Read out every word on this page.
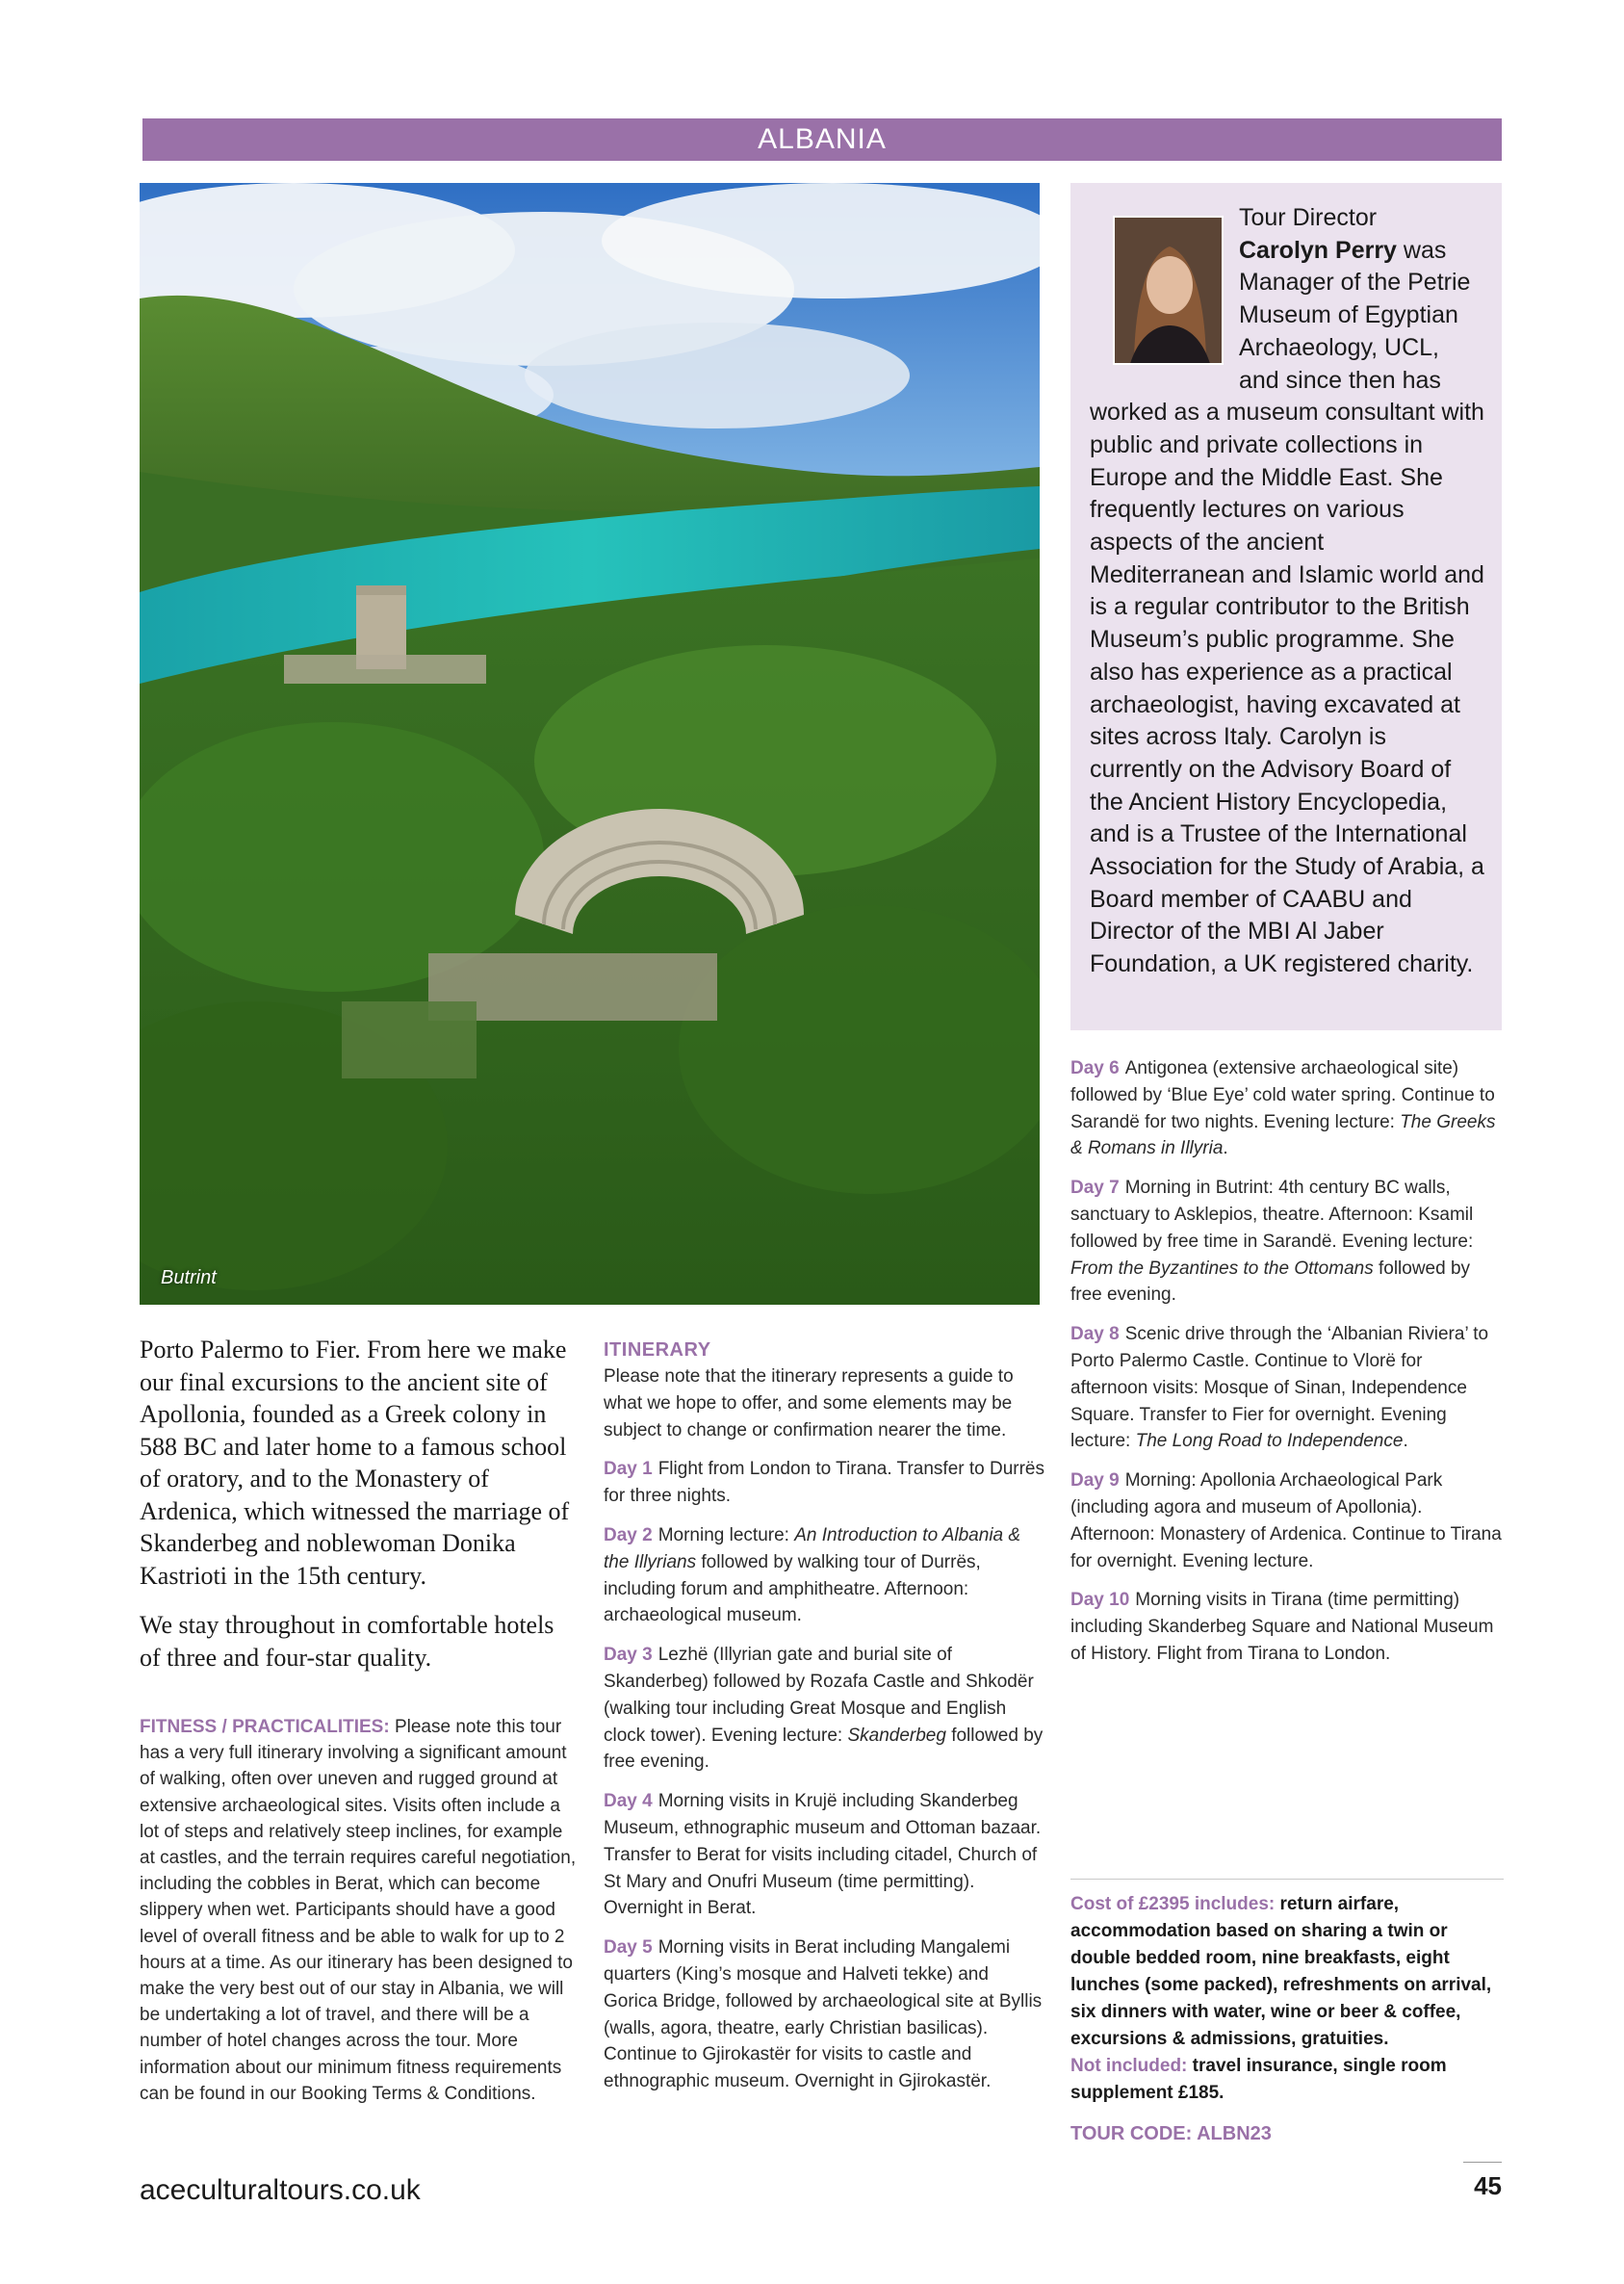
ALBANIA
Butrint
Tour Director
Carolyn Perry was Manager of the Petrie Museum of Egyptian Archaeology, UCL, and since then has worked as a museum consultant with public and private collections in Europe and the Middle East. She frequently lectures on various aspects of the ancient Mediterranean and Islamic world and is a regular contributor to the British Museum’s public programme. She also has experience as a practical archaeologist, having excavated at sites across Italy. Carolyn is currently on the Advisory Board of the Ancient History Encyclopedia, and is a Trustee of the International Association for the Study of Arabia, a Board member of CAABU and Director of the MBI Al Jaber Foundation, a UK registered charity.

Porto Palermo to Fier. From here we make our final excursions to the ancient site of Apollonia, founded as a Greek colony in 588 BC and later home to a famous school of oratory, and to the Monastery of Ardenica, which witnessed the marriage of Skanderbeg and noblewoman Donika Kastrioti in the 15th century.

We stay throughout in comfortable hotels of three and four-star quality.

FITNESS / PRACTICALITIES: Please note this tour has a very full itinerary involving a significant amount of walking, often over uneven and rugged ground at extensive archaeological sites. Visits often include a lot of steps and relatively steep inclines, for example at castles, and the terrain requires careful negotiation, including the cobbles in Berat, which can become slippery when wet. Participants should have a good level of overall fitness and be able to walk for up to 2 hours at a time. As our itinerary has been designed to make the very best out of our stay in Albania, we will be undertaking a lot of travel, and there will be a number of hotel changes across the tour. More information about our minimum fitness requirements can be found in our Booking Terms & Conditions.

ITINERARY

Please note that the itinerary represents a guide to what we hope to offer, and some elements may be subject to change or confirmation nearer the time.

Day 1 Flight from London to Tirana. Transfer to Durrës for three nights.

Day 2 Morning lecture: An Introduction to Albania & the Illyrians followed by walking tour of Durrës, including forum and amphitheatre. Afternoon: archaeological museum.

Day 3 Lezhë (Illyrian gate and burial site of Skanderbeg) followed by Rozafa Castle and Shkodër (walking tour including Great Mosque and English clock tower). Evening lecture: Skanderbeg followed by free evening.

Day 4 Morning visits in Krujë including Skanderbeg Museum, ethnographic museum and Ottoman bazaar. Transfer to Berat for visits including citadel, Church of St Mary and Onufri Museum (time permitting). Overnight in Berat.

Day 5 Morning visits in Berat including Mangalemi quarters (King’s mosque and Halveti tekke) and Gorica Bridge, followed by archaeological site at Byllis (walls, agora, theatre, early Christian basilicas). Continue to Gjirokastër for visits to castle and ethnographic museum. Overnight in Gjirokastër.

Day 6 Antigonea (extensive archaeological site) followed by ‘Blue Eye’ cold water spring. Continue to Sarandë for two nights. Evening lecture: The Greeks & Romans in Illyria.

Day 7 Morning in Butrint: 4th century BC walls, sanctuary to Asklepios, theatre. Afternoon: Ksamil followed by free time in Sarandë. Evening lecture: From the Byzantines to the Ottomans followed by free evening.

Day 8 Scenic drive through the ‘Albanian Riviera’ to Porto Palermo Castle. Continue to Vlorë for afternoon visits: Mosque of Sinan, Independence Square. Transfer to Fier for overnight. Evening lecture: The Long Road to Independence.

Day 9 Morning: Apollonia Archaeological Park (including agora and museum of Apollonia). Afternoon: Monastery of Ardenica. Continue to Tirana for overnight. Evening lecture.

Day 10 Morning visits in Tirana (time permitting) including Skanderbeg Square and National Museum of History. Flight from Tirana to London.

Cost of £2395 includes: return airfare, accommodation based on sharing a twin or double bedded room, nine breakfasts, eight lunches (some packed), refreshments on arrival, six dinners with water, wine or beer & coffee, excursions & admissions, gratuities.
Not included: travel insurance, single room supplement £185.
TOUR CODE: ALBN23
aceculturaltours.co.uk	45
